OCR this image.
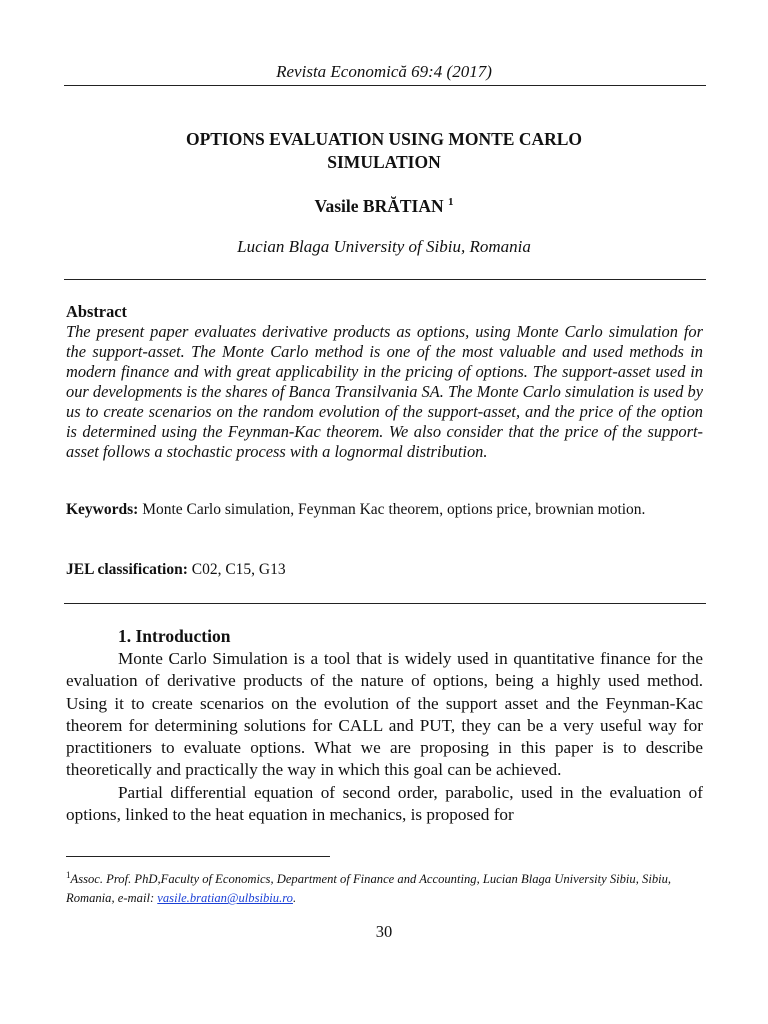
Revista Economică 69:4 (2017)
OPTIONS EVALUATION USING MONTE CARLO
SIMULATION
Vasile BRĂTIAN $^1$
Lucian Blaga University of Sibiu, Romania
Abstract
The present paper evaluates derivative products as options, using Monte Carlo simulation for the support-asset. The Monte Carlo method is one of the most valuable and used methods in modern finance and with great applicability in the pricing of options. The support-asset used in our developments is the shares of Banca Transilvania SA. The Monte Carlo simulation is used by us to create scenarios on the random evolution of the support-asset, and the price of the option is determined using the Feynman-Kac theorem. We also consider that the price of the support-asset follows a stochastic process with a lognormal distribution.
Keywords: Monte Carlo simulation, Feynman Kac theorem, options price, brownian motion.
JEL classification: C02, C15, G13
1. Introduction

Monte Carlo Simulation is a tool that is widely used in quantitative finance for the evaluation of derivative products of the nature of options, being a highly used method. Using it to create scenarios on the evolution of the support asset and the Feynman-Kac theorem for determining solutions for CALL and PUT, they can be a very useful way for practitioners to evaluate options. What we are proposing in this paper is to describe theoretically and practically the way in which this goal can be achieved.

Partial differential equation of second order, parabolic, used in the evaluation of options, linked to the heat equation in mechanics, is proposed for

$^1$Assoc. Prof. PhD,Faculty of Economics, Department of Finance and Accounting, Lucian Blaga University Sibiu, Sibiu, Romania, e-mail: vasile.bratian@ulbsibiu.ro.
30
